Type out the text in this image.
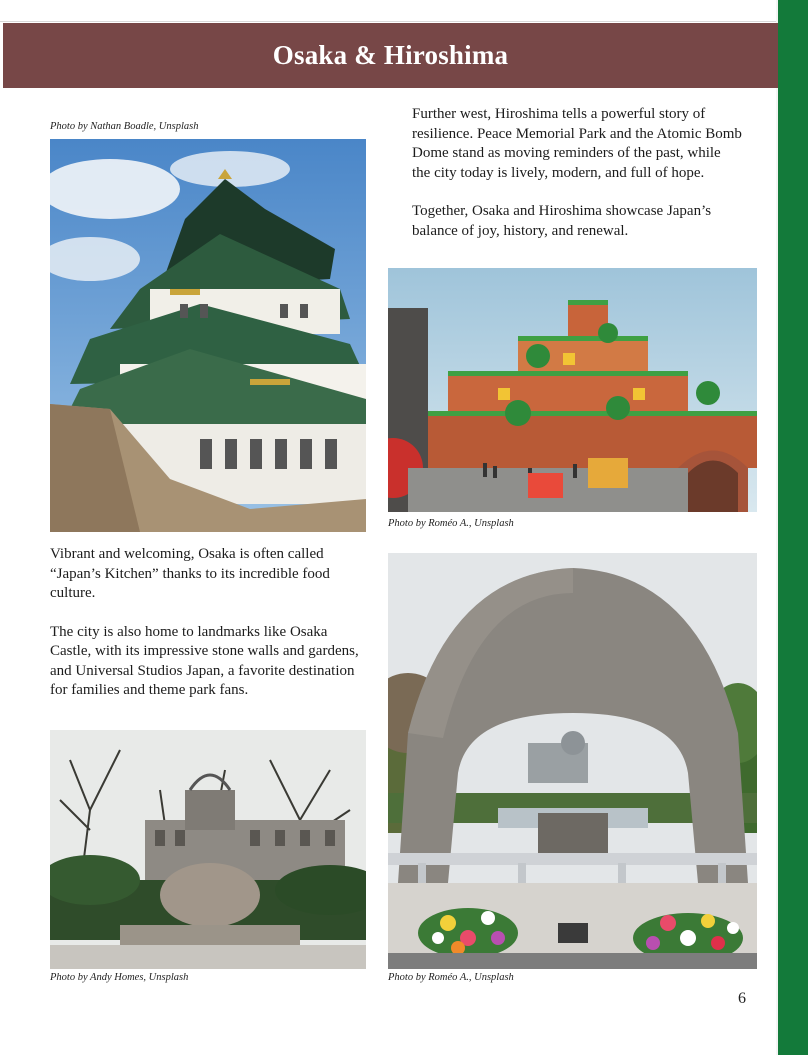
Osaka & Hiroshima
Photo by Nathan Boadle, Unsplash

Vibrant and welcoming, Osaka is often called “Japan’s Kitchen” thanks to its incredible food culture.

The city is also home to landmarks like Osaka Castle, with its impressive stone walls and gardens, and Universal Studios Japan, a favorite destination for families and theme park fans.

Photo by Andy Homes, Unsplash

Further west, Hiroshima tells a powerful story of resilience. Peace Memorial Park and the Atomic Bomb Dome stand as moving reminders of the past, while the city today is lively, modern, and full of hope.

Together, Osaka and Hiroshima showcase Japan’s balance of joy, history, and renewal.

Photo by Roméo A., Unsplash
Photo by Roméo A., Unsplash
6
